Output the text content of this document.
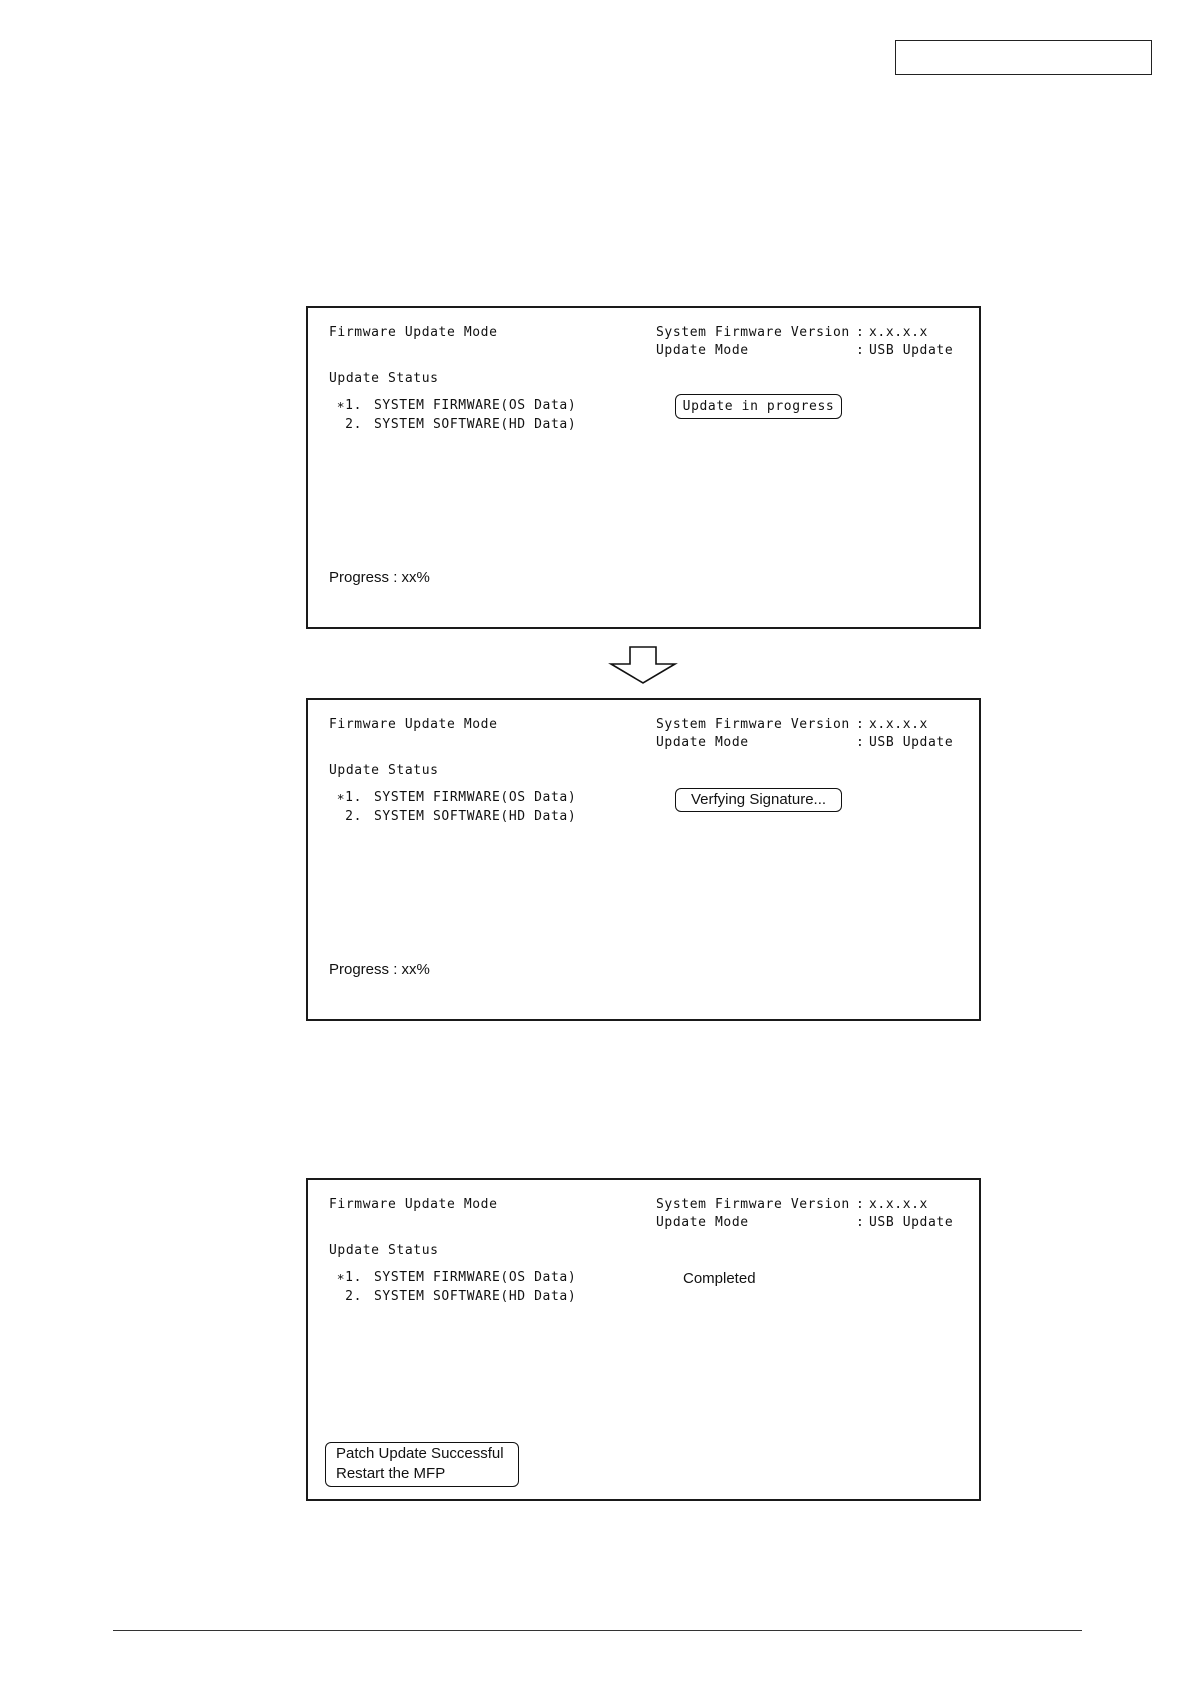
Firmware Update Mode	System Firmware Version : x.x.x.x
Update Mode	: USB Update
Update Status
∗1. SYSTEM FIRMWARE(OS Data)
2. SYSTEM SOFTWARE(HD Data)
Update in progress
Progress : xx%
Firmware Update Mode	System Firmware Version : x.x.x.x
Update Mode	: USB Update
Update Status
∗1. SYSTEM FIRMWARE(OS Data)
2. SYSTEM SOFTWARE(HD Data)
Verfying Signature...
Progress : xx%
Firmware Update Mode	System Firmware Version : x.x.x.x
Update Mode	: USB Update
Update Status
∗1. SYSTEM FIRMWARE(OS Data)
2. SYSTEM SOFTWARE(HD Data)
Completed
Patch Update Successful
Restart the MFP
